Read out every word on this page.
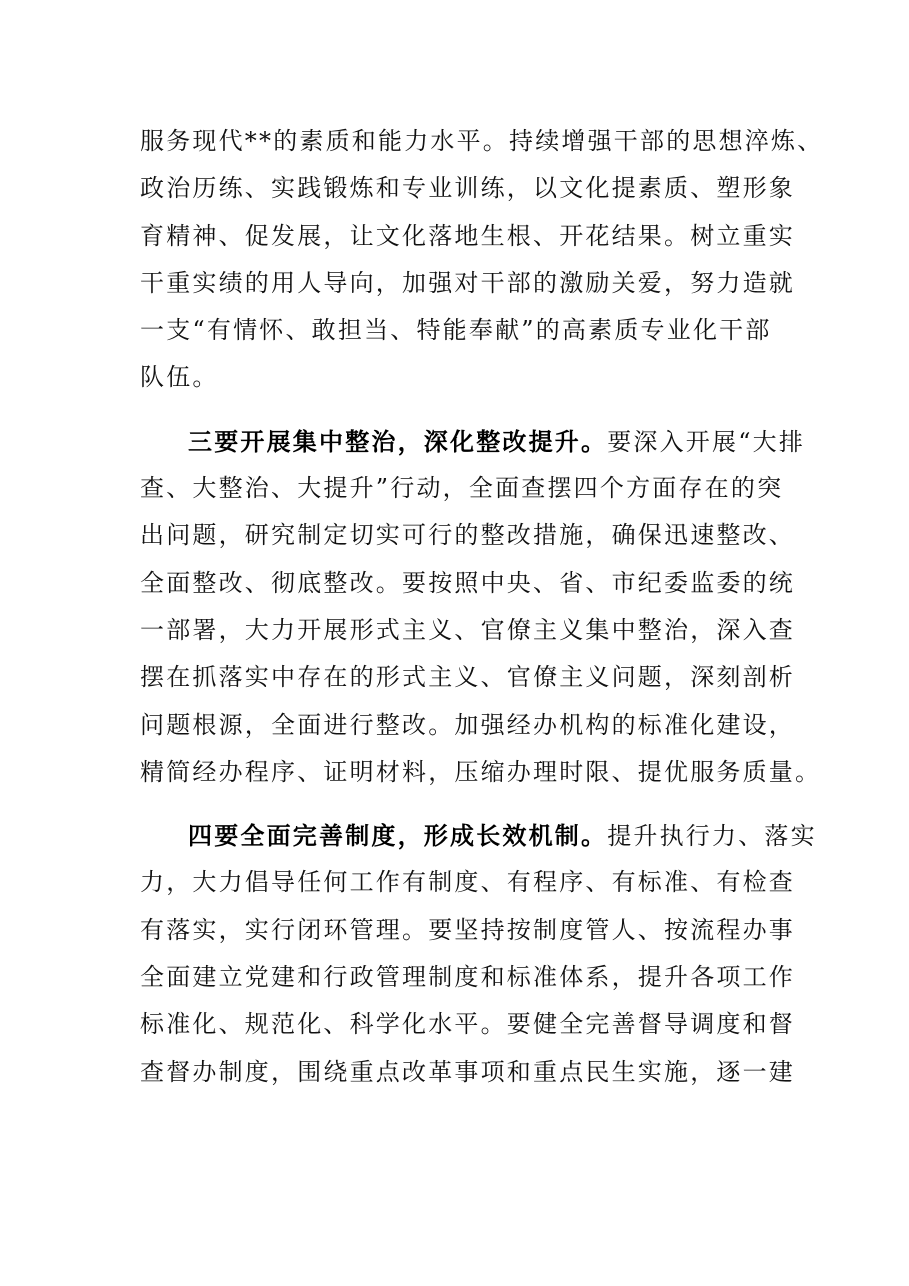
服务现代**的素质和能力水平。持续增强干部的思想淬炼、
政治历练、实践锻炼和专业训练，以文化提素质、塑形象
育精神、促发展，让文化落地生根、开花结果。树立重实
干重实绩的用人导向，加强对干部的激励关爱，努力造就
一支“有情怀、敢担当、特能奉献”的高素质专业化干部
队伍。

三要开展集中整治，深化整改提升。要深入开展“大排
查、大整治、大提升”行动，全面查摆四个方面存在的突
出问题，研究制定切实可行的整改措施，确保迅速整改、
全面整改、彻底整改。要按照中央、省、市纪委监委的统
一部署，大力开展形式主义、官僚主义集中整治，深入查
摆在抓落实中存在的形式主义、官僚主义问题，深刻剖析
问题根源，全面进行整改。加强经办机构的标准化建设，
精简经办程序、证明材料，压缩办理时限、提优服务质量。

四要全面完善制度，形成长效机制。提升执行力、落实
力，大力倡导任何工作有制度、有程序、有标准、有检查
有落实，实行闭环管理。要坚持按制度管人、按流程办事
全面建立党建和行政管理制度和标准体系，提升各项工作
标准化、规范化、科学化水平。要健全完善督导调度和督
查督办制度，围绕重点改革事项和重点民生实施，逐一建
